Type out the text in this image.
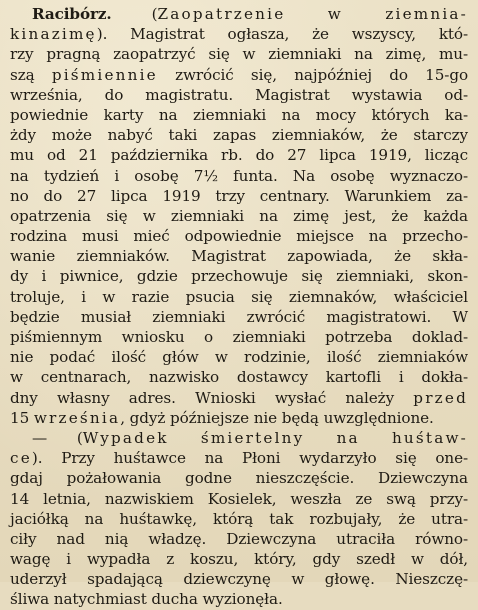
Racibórz. (Zaopatrzenie w ziemnia-
kinazimę). Magistrat ogłasza, że wszyscy, któ-
rzy pragną zaopatrzyć się w ziemniaki na zimę, mu-
szą piśmiennie zwrócić się, najpóźniej do 15-go
września, do magistratu. Magistrat wystawia od-
powiednie karty na ziemniaki na mocy których ka-
żdy może nabyć taki zapas ziemniaków, że starczy
mu od 21 października rb. do 27 lipca 1919, licząc
na tydzień i osobę 7½ funta. Na osobę wyznaczo-
no do 27 lipca 1919 trzy centnary. Warunkiem za-
opatrzenia się w ziemniaki na zimę jest, że każda
rodzina musi mieć odpowiednie miejsce na przecho-
wanie ziemniaków. Magistrat zapowiada, że skła-
dy i piwnice, gdzie przechowuje się ziemniaki, skon-
troluje, i w razie psucia się ziemnaków, właściciel
będzie musiał ziemniaki zwrócić magistratowi. W
piśmiennym wniosku o ziemniaki potrzeba doklad-
nie podać ilość głów w rodzinie, ilość ziemniaków
w centnarach, nazwisko dostawcy kartofli i dokła-
dny własny adres. Wnioski wysłać należy przed
15 września, gdyż późniejsze nie będą uwzględnione.
— (Wypadek śmiertelny na huśtaw-
ce). Przy huśtawce na Płoni wydarzyło się one-
gdaj pożałowania godne nieszczęście. Dziewczyna
14 letnia, nazwiskiem Kosielek, weszła ze swą przy-
jaciółką na huśtawkę, którą tak rozbujały, że utra-
ciły nad nią władzę. Dziewczyna utraciła równo-
wagę i wypadła z koszu, który, gdy szedł w dół,
uderzył spadającą dziewczynę w głowę. Nieszczę-
śliwa natychmiast ducha wyzionęła.
